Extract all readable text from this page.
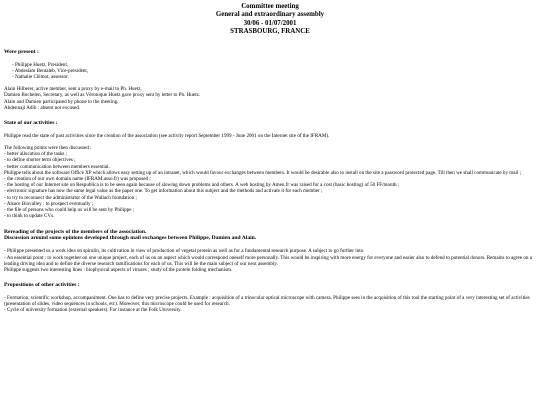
Committee meeting
General and extraordinary assembly
30/06 - 01/07/2001
STRASBOURG, FRANCE

Were present :

- Philippe Huetz, President,

- Abdeslam Bentaleb, Vice-president,

- Nathalie Clémot, assessor.

Alain Hilberer, active member, sent a proxy by e-mail to Ph. Huetz.

Damien Bochelen, Secretary, as well as Véronique Huetz gave proxy sent by letter to Ph. Huetz.

Alain and Damien participated by phone to the meeting.

Abdennaji Adib : absent not excused.

State of our activities :

Philippe read the state of past activities since the creation of the association (see activity report September 1999 - June 2001 on the Internet site of the IFRAM).

The following points were then discussed :

- better allocation of the tasks ;

- to define shorter term objectives ;

- better communication between members essential.

Philippe tells about the software Office XP which allows easy setting up of an intranet, which would favour exchanges between members. It would be desirable also to install on the site a password protected page. Till then we shall communicate by mail ;

- the creation of our own domain name (IFRAM.asso.fr) was proposed ;

- the hosting of our Internet site on Respublica is to be seen again because of slowing down problems and others. A web hosting by Amen.fr was raised for a cost (basic hosting) of 50 FF/month ;

- electronic signature has now the same legal value as the paper one. To get information about this subject and the methods and activate it for each member ;

- to try to reconnect the administrator of the Wallach foundation ;

- Alsace Biovalley : to prospect eventually ;

- the file of persons who could help us will be sent by Philippe ;

- to think to update CVs.

Rereading of the projects of the members of the association.

Discussion around some opinions developed through mail exchanges between Philippe, Damien and Alain.

- Philippe presented us a work idea on spirulin, its cultivation in view of production of vegetal protein as well as for a fundamental research purpose. A subject to go further into.

- An essential point : to work together on one unique project, each of us on an aspect which would correspond oneself more personally. This would be inspiring with more energy for everyone and easier also to defend to potential donors. Remains to agree on a leading driving idea and to define the diverse research ramifications for each of us. This will be the main subject of our next assembly.

Philippe suggests two interesting lines : biophysical aspects of viruses ; study of the protein folding mechanism.

Propositions of other activities :

- Formation, scientific workshop, accompaniment. One has to define very precise projects. Example : acquisition of a trinocular optical microscope with camera. Philippe sees in the acquisition of this tool the starting point of a very interesting set of activities (presentation of slides, video sequences in schools, etc). Moreover, this microscope could be used for research.

- Cycle of university formation (external speakers). For instance at the Folk University.
